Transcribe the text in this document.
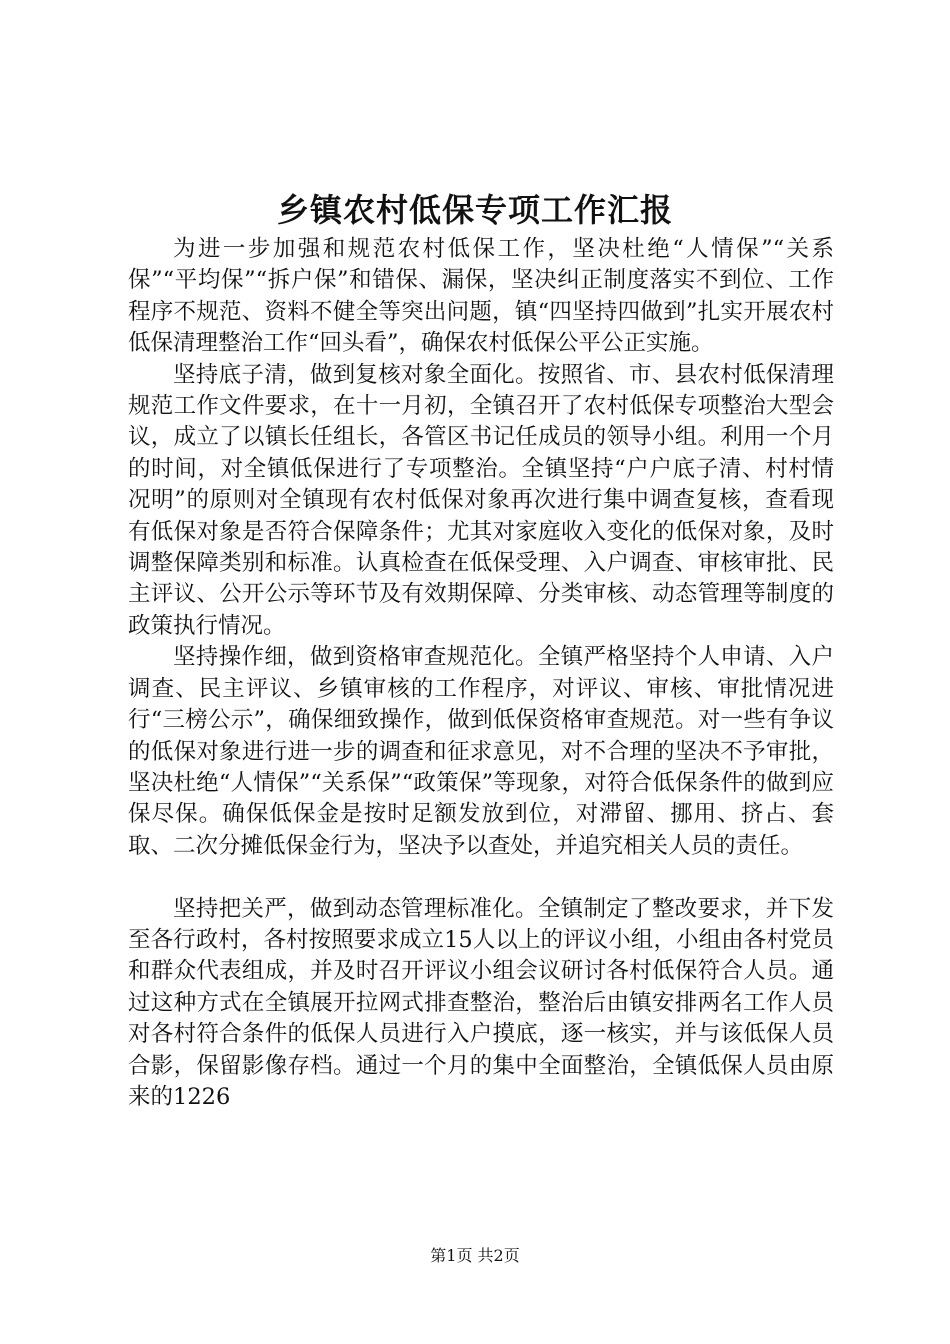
乡镇农村低保专项工作汇报

为进一步加强和规范农村低保工作，坚决杜绝“人情保”“关系保”“平均保”“拆户保”和错保、漏保，坚决纠正制度落实不到位、工作程序不规范、资料不健全等突出问题，镇“四坚持四做到”扎实开展农村低保清理整治工作“回头看”，确保农村低保公平公正实施。

坚持底子清，做到复核对象全面化。按照省、市、县农村低保清理规范工作文件要求，在十一月初，全镇召开了农村低保专项整治大型会议，成立了以镇长任组长，各管区书记任成员的领导小组。利用一个月的时间，对全镇低保进行了专项整治。全镇坚持“户户底子清、村村情况明”的原则对全镇现有农村低保对象再次进行集中调查复核，查看现有低保对象是否符合保障条件；尤其对家庭收入变化的低保对象，及时调整保障类别和标准。认真检查在低保受理、入户调查、审核审批、民主评议、公开公示等环节及有效期保障、分类审核、动态管理等制度的政策执行情况。

坚持操作细，做到资格审查规范化。全镇严格坚持个人申请、入户调查、民主评议、乡镇审核的工作程序，对评议、审核、审批情况进行“三榜公示”，确保细致操作，做到低保资格审查规范。对一些有争议的低保对象进行进一步的调查和征求意见，对不合理的坚决不予审批，坚决杜绝“人情保”“关系保”“政策保”等现象，对符合低保条件的做到应保尽保。确保低保金是按时足额发放到位，对滞留、挪用、挤占、套取、二次分摊低保金行为，坚决予以查处，并追究相关人员的责任。

坚持把关严，做到动态管理标准化。全镇制定了整改要求，并下发至各行政村，各村按照要求成立15人以上的评议小组，小组由各村党员和群众代表组成，并及时召开评议小组会议研讨各村低保符合人员。通过这种方式在全镇展开拉网式排查整治，整治后由镇安排两名工作人员对各村符合条件的低保人员进行入户摸底，逐一核实，并与该低保人员合影，保留影像存档。通过一个月的集中全面整治，全镇低保人员由原来的1226

第1页 共2页
